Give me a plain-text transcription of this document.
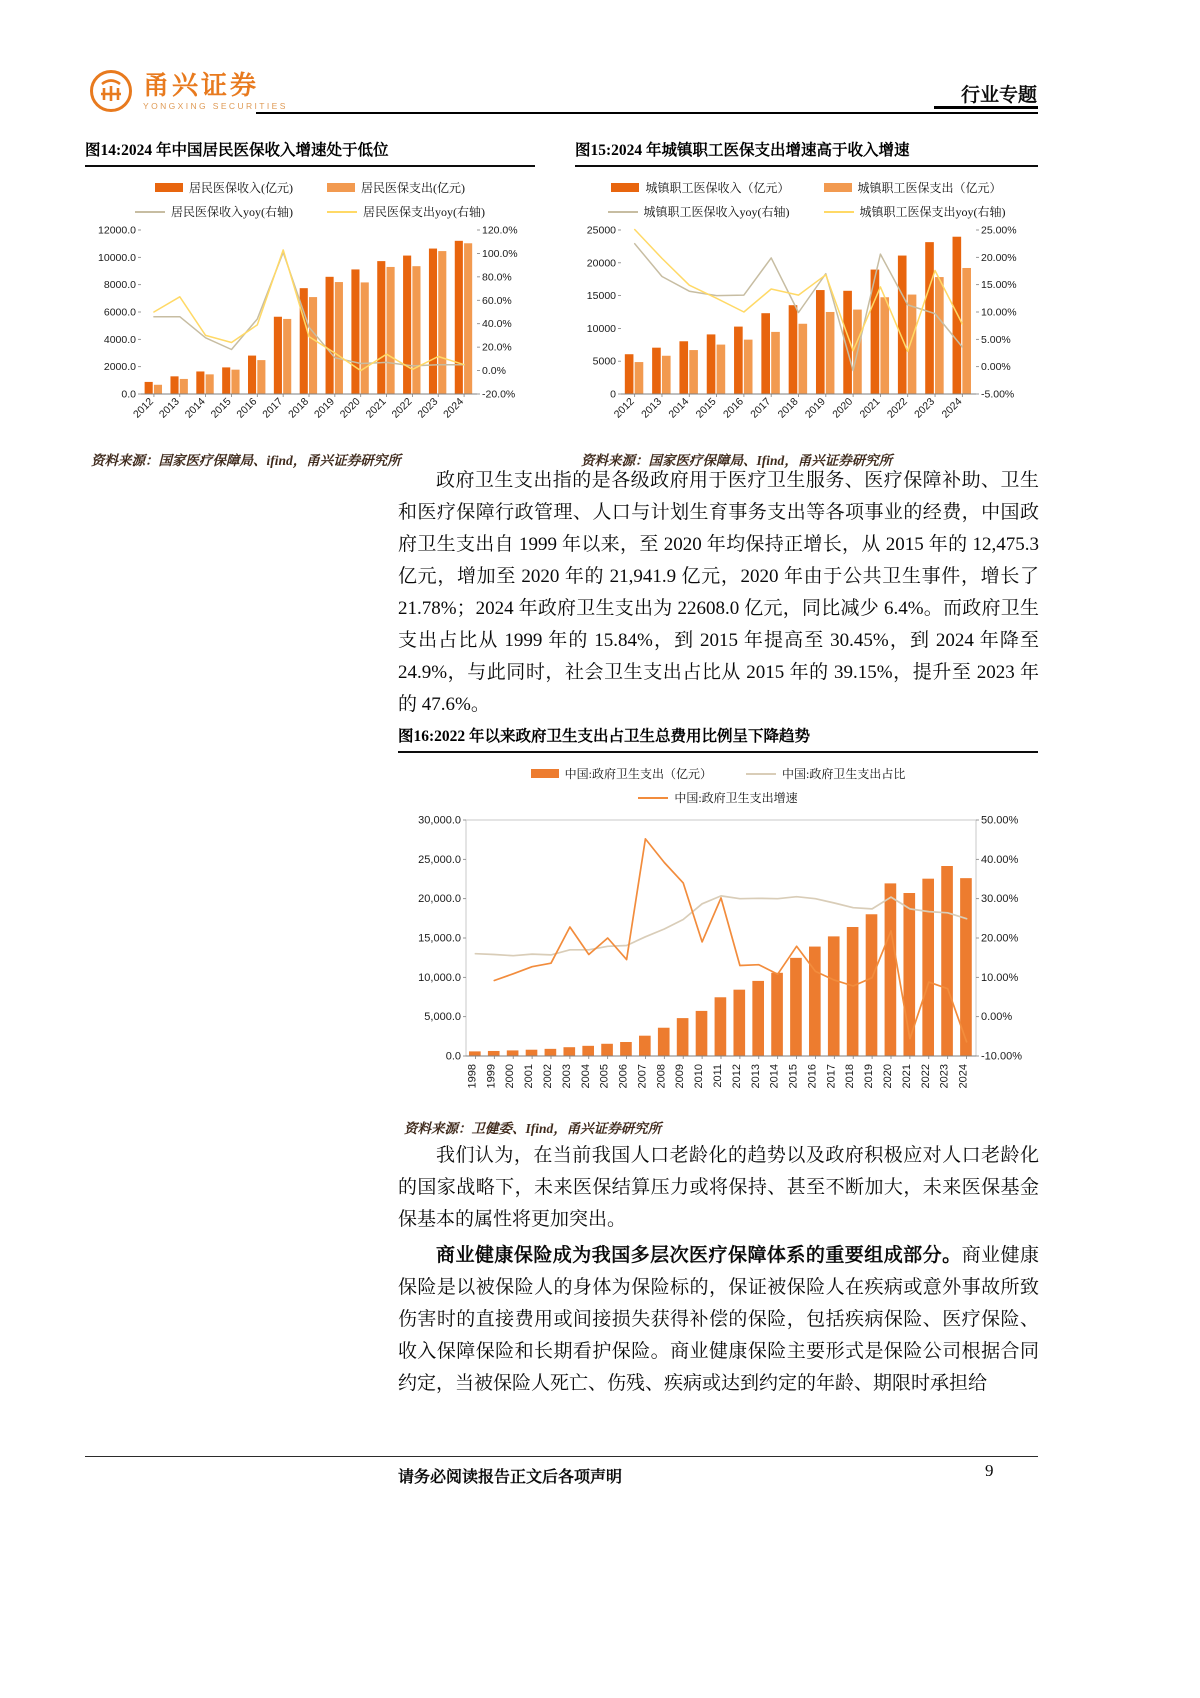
甬兴证券
YONGXING SECURITIES
行业专题
图14:2024 年中国居民医保收入增速处于低位
居民医保收入(亿元)	居民医保支出(亿元)
居民医保收入yoy(右轴)	居民医保支出yoy(右轴)
0.0
2000.0
4000.0
6000.0
8000.0
10000.0
12000.0
-20.0%
0.0%
20.0%
40.0%
60.0%
80.0%
100.0%
120.0%
2012 2013 2014 2015 2016 2017 2018 2019 2020 2021 2022 2023 2024
资料来源：国家医疗保障局、ifind，甬兴证券研究所
图15:2024 年城镇职工医保支出增速高于收入增速
城镇职工医保收入（亿元）	城镇职工医保支出（亿元）
城镇职工医保收入yoy(右轴)	城镇职工医保支出yoy(右轴)
0
5000
10000
15000
20000
25000
-5.00%
0.00%
5.00%
10.00%
15.00%
20.00%
25.00%
2012 2013 2014 2015 2016 2017 2018 2019 2020 2021 2022 2023 2024
资料来源：国家医疗保障局、Ifind，甬兴证券研究所

政府卫生支出指的是各级政府用于医疗卫生服务、医疗保障补助、卫生和医疗保障行政管理、人口与计划生育事务支出等各项事业的经费，中国政府卫生支出自 1999 年以来，至 2020 年均保持正增长，从 2015 年的 12,475.3 亿元，增加至 2020 年的 21,941.9 亿元，2020 年由于公共卫生事件，增长了 21.78%；2024 年政府卫生支出为 22608.0 亿元，同比减少 6.4%。而政府卫生支出占比从 1999 年的 15.84%，到 2015 年提高至 30.45%，到 2024 年降至 24.9%，与此同时，社会卫生支出占比从 2015 年的 39.15%，提升至 2023 年的 47.6%。

图16:2022 年以来政府卫生支出占卫生总费用比例呈下降趋势
中国:政府卫生支出（亿元）	中国:政府卫生支出占比
中国:政府卫生支出增速
0.0
5,000.0
10,000.0
15,000.0
20,000.0
25,000.0
30,000.0
-10.00%
0.00%
10.00%
20.00%
30.00%
40.00%
50.00%
1998 1999 2000 2001 2002 2003 2004 2005 2006 2007 2008 2009 2010 2011 2012 2013 2014 2015 2016 2017 2018 2019 2020 2021 2022 2023 2024
资料来源：卫健委、Ifind，甬兴证券研究所

我们认为，在当前我国人口老龄化的趋势以及政府积极应对人口老龄化的国家战略下，未来医保结算压力或将保持、甚至不断加大，未来医保基金保基本的属性将更加突出。

商业健康保险成为我国多层次医疗保障体系的重要组成部分。商业健康保险是以被保险人的身体为保险标的，保证被保险人在疾病或意外事故所致伤害时的直接费用或间接损失获得补偿的保险，包括疾病保险、医疗保险、收入保障保险和长期看护保险。商业健康保险主要形式是保险公司根据合同约定，当被保险人死亡、伤残、疾病或达到约定的年龄、期限时承担给

请务必阅读报告正文后各项声明	9
